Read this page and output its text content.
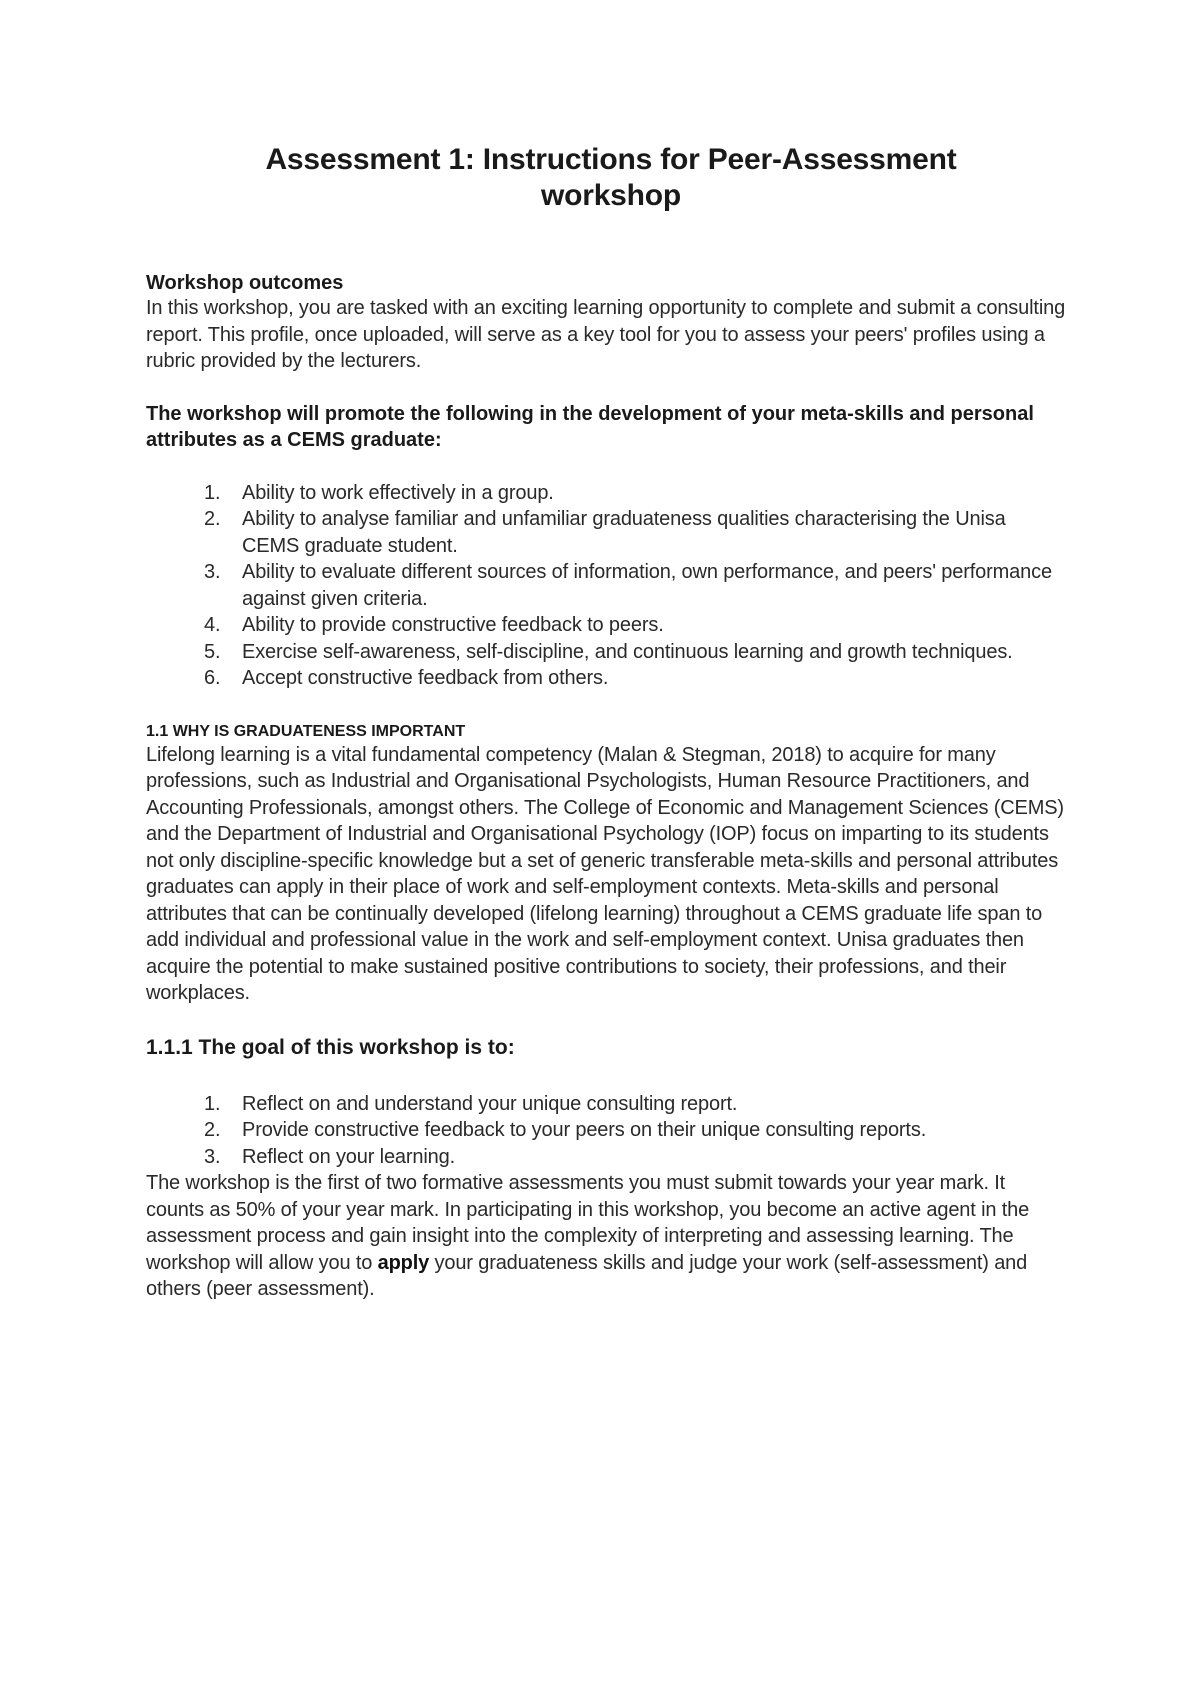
Assessment 1: Instructions for Peer-Assessment
workshop
Workshop outcomes

In this workshop, you are tasked with an exciting learning opportunity to complete and submit a consulting report. This profile, once uploaded, will serve as a key tool for you to assess your peers' profiles using a rubric provided by the lecturers.

The workshop will promote the following in the development of your meta-skills and personal attributes as a CEMS graduate:

1. Ability to work effectively in a group.
2. Ability to analyse familiar and unfamiliar graduateness qualities characterising the Unisa CEMS graduate student.
3. Ability to evaluate different sources of information, own performance, and peers' performance against given criteria.
4. Ability to provide constructive feedback to peers.
5. Exercise self-awareness, self-discipline, and continuous learning and growth techniques.
6. Accept constructive feedback from others.
1.1 WHY IS GRADUATENESS IMPORTANT

Lifelong learning is a vital fundamental competency (Malan & Stegman, 2018) to acquire for many professions, such as Industrial and Organisational Psychologists, Human Resource Practitioners, and Accounting Professionals, amongst others. The College of Economic and Management Sciences (CEMS) and the Department of Industrial and Organisational Psychology (IOP) focus on imparting to its students not only discipline-specific knowledge but a set of generic transferable meta-skills and personal attributes graduates can apply in their place of work and self-employment contexts. Meta-skills and personal attributes that can be continually developed (lifelong learning) throughout a CEMS graduate life span to add individual and professional value in the work and self-employment context. Unisa graduates then acquire the potential to make sustained positive contributions to society, their professions, and their workplaces.

1.1.1 The goal of this workshop is to:
1. Reflect on and understand your unique consulting report.
2. Provide constructive feedback to your peers on their unique consulting reports.
3. Reflect on your learning.

The workshop is the first of two formative assessments you must submit towards your year mark. It counts as 50% of your year mark. In participating in this workshop, you become an active agent in the assessment process and gain insight into the complexity of interpreting and assessing learning. The workshop will allow you to apply your graduateness skills and judge your work (self-assessment) and others (peer assessment).
